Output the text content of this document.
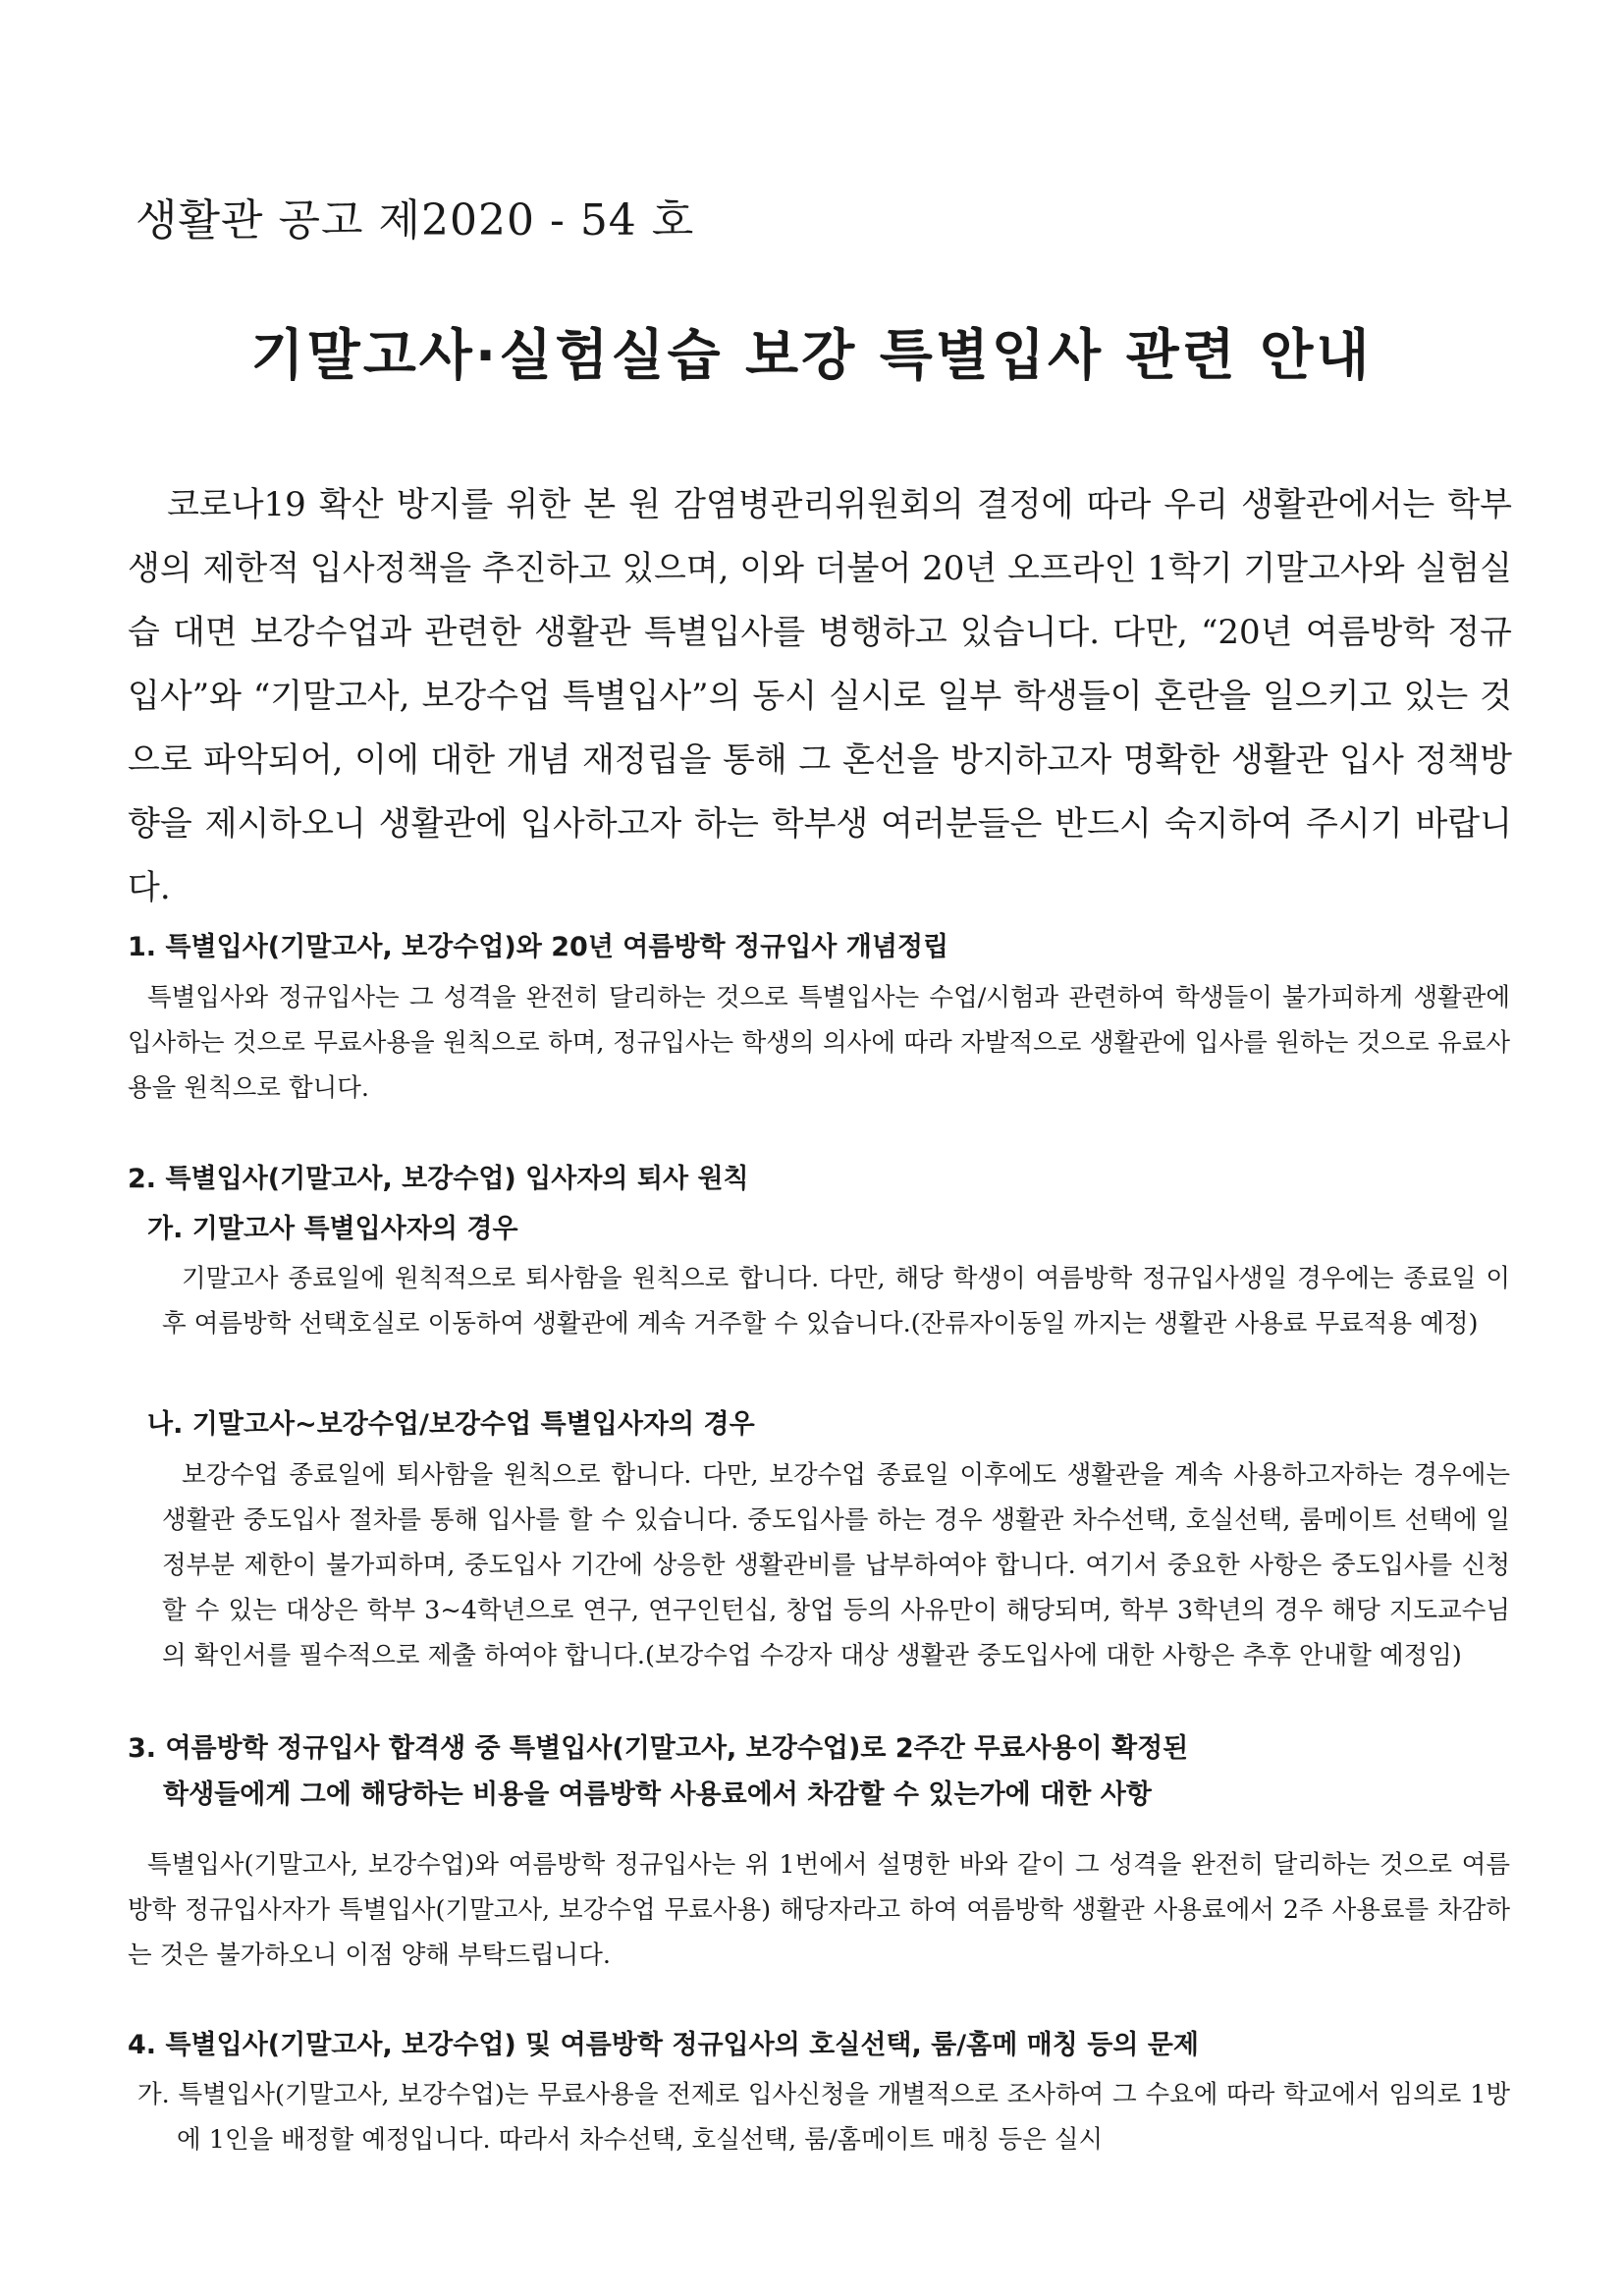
생활관 공고 제2020 - 54 호
기말고사·실험실습 보강 특별입사 관련 안내

코로나19 확산 방지를 위한 본 원 감염병관리위원회의 결정에 따라 우리 생활관에서는 학부생의 제한적 입사정책을 추진하고 있으며, 이와 더불어 20년 오프라인 1학기 기말고사와 실험실습 대면 보강수업과 관련한 생활관 특별입사를 병행하고 있습니다. 다만, “20년 여름방학 정규입사”와 “기말고사, 보강수업 특별입사”의 동시 실시로 일부 학생들이 혼란을 일으키고 있는 것으로 파악되어, 이에 대한 개념 재정립을 통해 그 혼선을 방지하고자 명확한 생활관 입사 정책방향을 제시하오니 생활관에 입사하고자 하는 학부생 여러분들은 반드시 숙지하여 주시기 바랍니다.

1. 특별입사(기말고사, 보강수업)와 20년 여름방학 정규입사 개념정립

특별입사와 정규입사는 그 성격을 완전히 달리하는 것으로 특별입사는 수업/시험과 관련하여 학생들이 불가피하게 생활관에 입사하는 것으로 무료사용을 원칙으로 하며, 정규입사는 학생의 의사에 따라 자발적으로 생활관에 입사를 원하는 것으로 유료사용을 원칙으로 합니다.

2. 특별입사(기말고사, 보강수업) 입사자의 퇴사 원칙
가. 기말고사 특별입사자의 경우

기말고사 종료일에 원칙적으로 퇴사함을 원칙으로 합니다. 다만, 해당 학생이 여름방학 정규입사생일 경우에는 종료일 이후 여름방학 선택호실로 이동하여 생활관에 계속 거주할 수 있습니다.(잔류자이동일 까지는 생활관 사용료 무료적용 예정)

나. 기말고사~보강수업/보강수업 특별입사자의 경우

보강수업 종료일에 퇴사함을 원칙으로 합니다. 다만, 보강수업 종료일 이후에도 생활관을 계속 사용하고자하는 경우에는 생활관 중도입사 절차를 통해 입사를 할 수 있습니다. 중도입사를 하는 경우 생활관 차수선택, 호실선택, 룸메이트 선택에 일정부분 제한이 불가피하며, 중도입사 기간에 상응한 생활관비를 납부하여야 합니다. 여기서 중요한 사항은 중도입사를 신청할 수 있는 대상은 학부 3~4학년으로 연구, 연구인턴십, 창업 등의 사유만이 해당되며, 학부 3학년의 경우 해당 지도교수님의 확인서를 필수적으로 제출 하여야 합니다.(보강수업 수강자 대상 생활관 중도입사에 대한 사항은 추후 안내할 예정임)

3. 여름방학 정규입사 합격생 중 특별입사(기말고사, 보강수업)로 2주간 무료사용이 확정된
학생들에게 그에 해당하는 비용을 여름방학 사용료에서 차감할 수 있는가에 대한 사항

특별입사(기말고사, 보강수업)와 여름방학 정규입사는 위 1번에서 설명한 바와 같이 그 성격을 완전히 달리하는 것으로 여름방학 정규입사자가 특별입사(기말고사, 보강수업 무료사용) 해당자라고 하여 여름방학 생활관 사용료에서 2주 사용료를 차감하는 것은 불가하오니 이점 양해 부탁드립니다.

4. 특별입사(기말고사, 보강수업) 및 여름방학 정규입사의 호실선택, 룸/홈메 매칭 등의 문제

가. 특별입사(기말고사, 보강수업)는 무료사용을 전제로 입사신청을 개별적으로 조사하여 그 수요에 따라 학교에서 임의로 1방에 1인을 배정할 예정입니다. 따라서 차수선택, 호실선택, 룸/홈메이트 매칭 등은 실시
